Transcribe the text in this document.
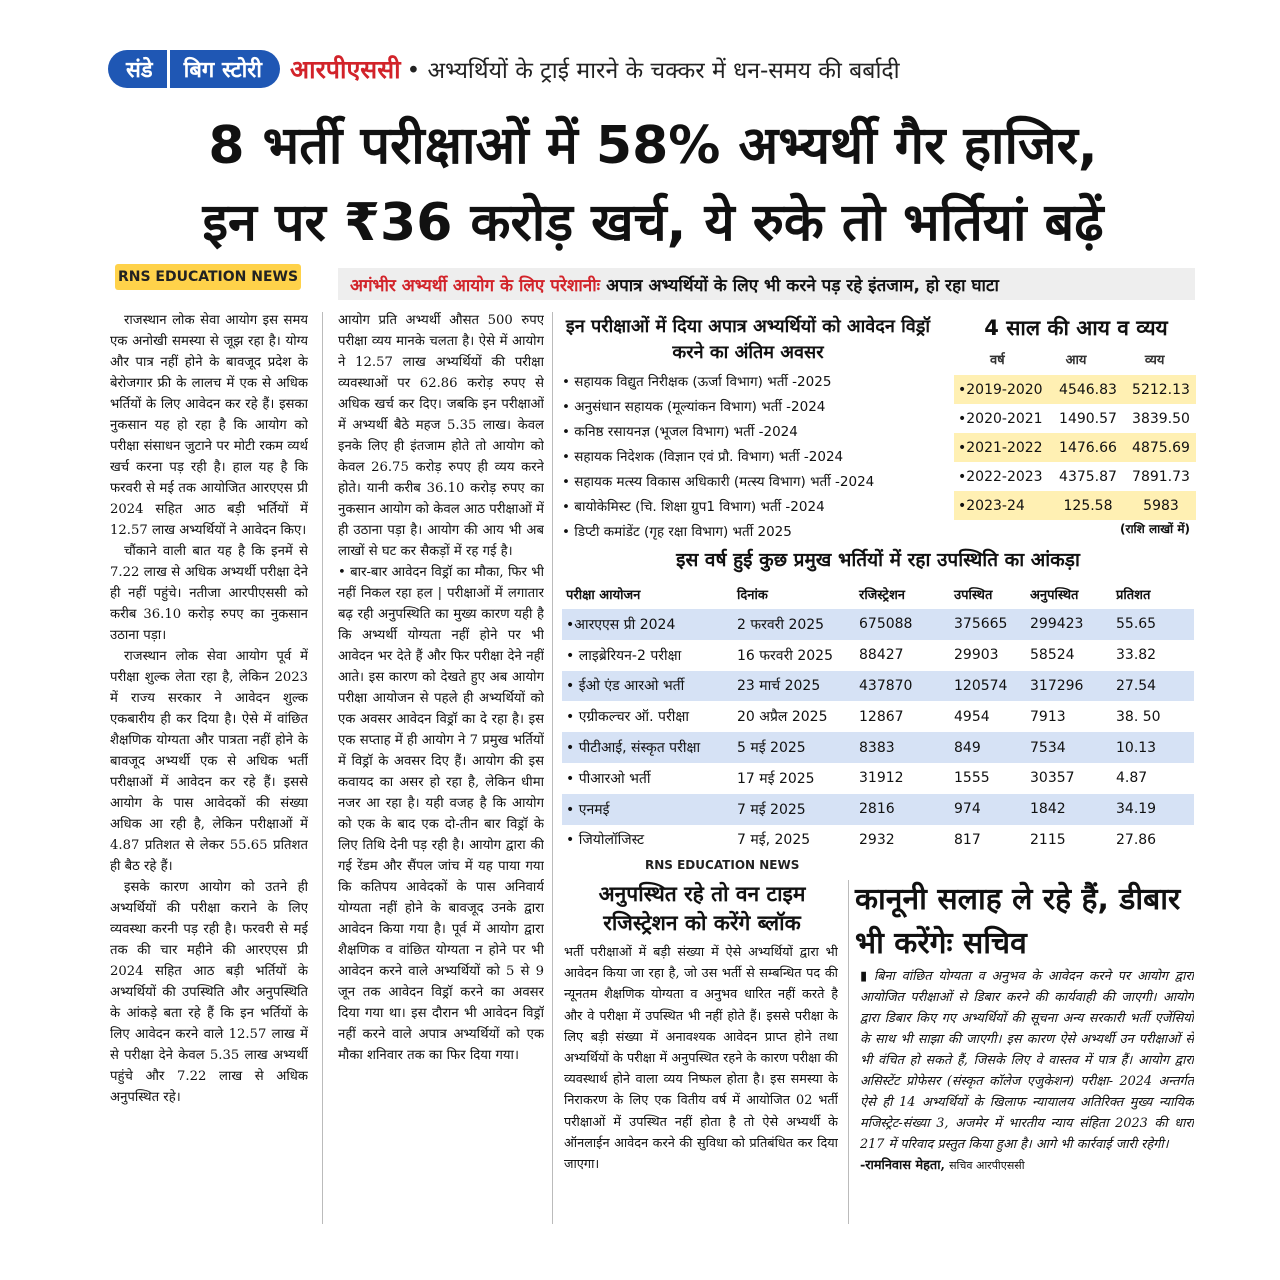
संडे	बिग स्टोरी	आरपीएससी • अभ्यर्थियों के ट्राई मारने के चक्कर में धन-समय की बर्बादी
8 भर्ती परीक्षाओं में 58% अभ्यर्थी गैर हाजिर,
इन पर ₹36 करोड़ खर्च, ये रुके तो भर्तियां बढ़ें
RNS EDUCATION NEWS	अगंभीर अभ्यर्थी आयोग के लिए परेशानीः अपात्र अभ्यर्थियों के लिए भी करने पड़ रहे इंतजाम, हो रहा घाटा

राजस्थान लोक सेवा आयोग इस समय एक अनोखी समस्या से जूझ रहा है। योग्य और पात्र नहीं होने के बावजूद प्रदेश के बेरोजगार फ्री के लालच में एक से अधिक भर्तियों के लिए आवेदन कर रहे हैं। इसका नुकसान यह हो रहा है कि आयोग को परीक्षा संसाधन जुटाने पर मोटी रकम व्यर्थ खर्च करना पड़ रही है। हाल यह है कि फरवरी से मई तक आयोजित आरएएस प्री 2024 सहित आठ बड़ी भर्तियों में 12.57 लाख अभ्यर्थियों ने आवेदन किए।

चौंकाने वाली बात यह है कि इनमें से 7.22 लाख से अधिक अभ्यर्थी परीक्षा देने ही नहीं पहुंचे। नतीजा आरपीएससी को करीब 36.10 करोड़ रुपए का नुकसान उठाना पड़ा।

राजस्थान लोक सेवा आयोग पूर्व में परीक्षा शुल्क लेता रहा है, लेकिन 2023 में राज्य सरकार ने आवेदन शुल्क एकबारीय ही कर दिया है। ऐसे में वांछित शैक्षणिक योग्यता और पात्रता नहीं होने के बावजूद अभ्यर्थी एक से अधिक भर्ती परीक्षाओं में आवेदन कर रहे हैं। इससे आयोग के पास आवेदकों की संख्या अधिक आ रही है, लेकिन परीक्षाओं में 4.87 प्रतिशत से लेकर 55.65 प्रतिशत ही बैठ रहे हैं।

इसके कारण आयोग को उतने ही अभ्यर्थियों की परीक्षा कराने के लिए व्यवस्था करनी पड़ रही है। फरवरी से मई तक की चार महीने की आरएएस प्री 2024 सहित आठ बड़ी भर्तियों के अभ्यर्थियों की उपस्थिति और अनुपस्थिति के आंकड़े बता रहे हैं कि इन भर्तियों के लिए आवेदन करने वाले 12.57 लाख में से परीक्षा देने केवल 5.35 लाख अभ्यर्थी पहुंचे और 7.22 लाख से अधिक अनुपस्थित रहे।

आयोग प्रति अभ्यर्थी औसत 500 रुपए परीक्षा व्यय मानके चलता है। ऐसे में आयोग ने 12.57 लाख अभ्यर्थियों की परीक्षा व्यवस्थाओं पर 62.86 करोड़ रुपए से अधिक खर्च कर दिए। जबकि इन परीक्षाओं में अभ्यर्थी बैठे महज 5.35 लाख। केवल इनके लिए ही इंतजाम होते तो आयोग को केवल 26.75 करोड़ रुपए ही व्यय करने होते। यानी करीब 36.10 करोड़ रुपए का नुकसान आयोग को केवल आठ परीक्षाओं में ही उठाना पड़ा है। आयोग की आय भी अब लाखों से घट कर सैकड़ों में रह गई है।

• बार-बार आवेदन विड्रॉ का मौका, फिर भी नहीं निकल रहा हल | परीक्षाओं में लगातार बढ़ रही अनुपस्थिति का मुख्य कारण यही है कि अभ्यर्थी योग्यता नहीं होने पर भी आवेदन भर देते हैं और फिर परीक्षा देने नहीं आते। इस कारण को देखते हुए अब आयोग परीक्षा आयोजन से पहले ही अभ्यर्थियों को एक अवसर आवेदन विड्रॉ का दे रहा है। इस एक सप्ताह में ही आयोग ने 7 प्रमुख भर्तियों में विड्रॉ के अवसर दिए हैं। आयोग की इस कवायद का असर हो रहा है, लेकिन धीमा नजर आ रहा है। यही वजह है कि आयोग को एक के बाद एक दो-तीन बार विड्रॉ के लिए तिथि देनी पड़ रही है। आयोग द्वारा की गई रेंडम और सैंपल जांच में यह पाया गया कि कतिपय आवेदकों के पास अनिवार्य योग्यता नहीं होने के बावजूद उनके द्वारा आवेदन किया गया है। पूर्व में आयोग द्वारा शैक्षणिक व वांछित योग्यता न होने पर भी आवेदन करने वाले अभ्यर्थियों को 5 से 9 जून तक आवेदन विड्रॉ करने का अवसर दिया गया था। इस दौरान भी आवेदन विड्रॉ नहीं करने वाले अपात्र अभ्यर्थियों को एक मौका शनिवार तक का फिर दिया गया।

इन परीक्षाओं में दिया अपात्र अभ्यर्थियों को आवेदन विड्रॉ करने का अंतिम अवसर
• सहायक विद्युत निरीक्षक (ऊर्जा विभाग) भर्ती -2025
• अनुसंधान सहायक (मूल्यांकन विभाग) भर्ती -2024
• कनिष्ठ रसायनज्ञ (भूजल विभाग) भर्ती -2024
• सहायक निदेशक (विज्ञान एवं प्रौ. विभाग) भर्ती -2024
• सहायक मत्स्य विकास अधिकारी (मत्स्य विभाग) भर्ती -2024
• बायोकेमिस्ट (चि. शिक्षा ग्रुप1 विभाग) भर्ती -2024
• डिप्टी कमांडेंट (गृह रक्षा विभाग) भर्ती 2025
4 साल की आय व व्यय
वर्ष	आय	व्यय
•2019-2020	4546.83	5212.13
•2020-2021	1490.57	3839.50
•2021-2022	1476.66	4875.69
•2022-2023	4375.87	7891.73
•2023-24	125.58	5983
(राशि लाखों में)
इस वर्ष हुई कुछ प्रमुख भर्तियों में रहा उपस्थिति का आंकड़ा
परीक्षा आयोजन	दिनांक	रजिस्ट्रेशन	उपस्थित	अनुपस्थित	प्रतिशत
•आरएएस प्री 2024	2 फरवरी 2025	675088	375665	299423	55.65
• लाइब्रेरियन-2 परीक्षा	16 फरवरी 2025	88427	29903	58524	33.82
• ईओ एंड आरओ भर्ती	23 मार्च 2025	437870	120574	317296	27.54
• एग्रीकल्चर ऑ. परीक्षा	20 अप्रैल 2025	12867	4954	7913	38. 50
• पीटीआई, संस्कृत परीक्षा	5 मई 2025	8383	849	7534	10.13
• पीआरओ भर्ती	17 मई 2025	31912	1555	30357	4.87
• एनमई	7 मई 2025	2816	974	1842	34.19
• जियोलॉजिस्ट	7 मई, 2025	2932	817	2115	27.86
RNS EDUCATION NEWS
अनुपस्थित रहे तो वन टाइम रजिस्ट्रेशन को करेंगे ब्लॉक
भर्ती परीक्षाओं में बड़ी संख्या में ऐसे अभ्यर्थियों द्वारा भी आवेदन किया जा रहा है, जो उस भर्ती से सम्बन्धित पद की न्यूनतम शैक्षणिक योग्यता व अनुभव धारित नहीं करते है और वे परीक्षा में उपस्थित भी नहीं होते हैं। इससे परीक्षा के लिए बड़ी संख्या में अनावश्यक आवेदन प्राप्त होने तथा अभ्यर्थियों के परीक्षा में अनुपस्थित रहने के कारण परीक्षा की व्यवस्थार्थ होने वाला व्यय निष्फल होता है। इस समस्या के निराकरण के लिए एक वितीय वर्ष में आयोजित 02 भर्ती परीक्षाओं में उपस्थित नहीं होता है तो ऐसे अभ्यर्थी के ऑनलाईन आवेदन करने की सुविधा को प्रतिबंधित कर दिया जाएगा।
कानूनी सलाह ले रहे हैं, डीबार भी करेंगेः सचिव
▮ बिना वांछित योग्यता व अनुभव के आवेदन करने पर आयोग द्वारा आयोजित परीक्षाओं से डिबार करने की कार्यवाही की जाएगी। आयोग द्वारा डिबार किए गए अभ्यर्थियों की सूचना अन्य सरकारी भर्ती एजेंसियों के साथ भी साझा की जाएगी। इस कारण ऐसे अभ्यर्थी उन परीक्षाओं से भी वंचित हो सकते हैं, जिसके लिए वे वास्तव में पात्र हैं। आयोग द्वारा असिस्टेंट प्रोफेसर (संस्कृत कॉलेज एजुकेशन) परीक्षा- 2024 अन्तर्गत ऐसे ही 14 अभ्यर्थियों के खिलाफ न्यायालय अतिरिक्त मुख्य न्यायिक मजिस्ट्रेट-संख्या 3, अजमेर में भारतीय न्याय संहिता 2023 की धारा 217 में परिवाद प्रस्तुत किया हुआ है। आगे भी कार्रवाई जारी रहेगी।
-रामनिवास मेहता, सचिव आरपीएससी
